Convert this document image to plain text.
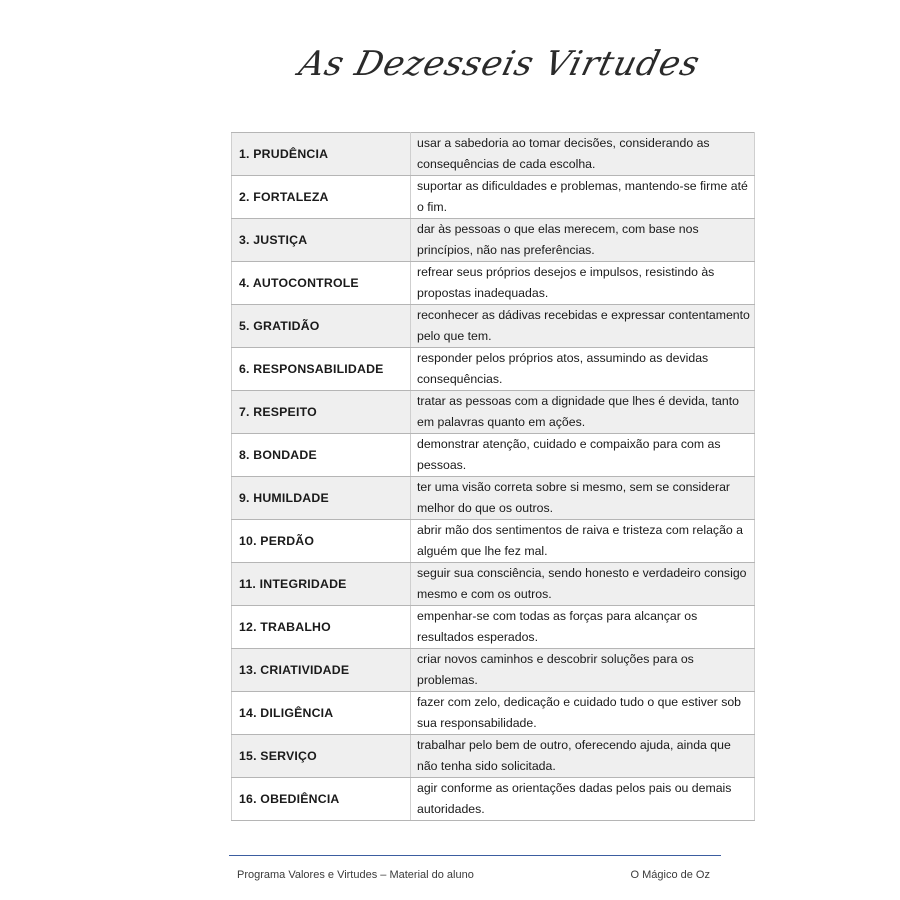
As Dezesseis Virtudes
1. PRUDÊNCIA	usar a sabedoria ao tomar decisões, considerando as consequências de cada escolha.
2. FORTALEZA	suportar as dificuldades e problemas, mantendo-se firme até o fim.
3. JUSTIÇA	dar às pessoas o que elas merecem, com base nos princípios, não nas preferências.
4. AUTOCONTROLE	refrear seus próprios desejos e impulsos, resistindo às propostas inadequadas.
5. GRATIDÃO	reconhecer as dádivas recebidas e expressar contentamento pelo que tem.
6. RESPONSABILIDADE	responder pelos próprios atos, assumindo as devidas consequências.
7. RESPEITO	tratar as pessoas com a dignidade que lhes é devida, tanto em palavras quanto em ações.
8. BONDADE	demonstrar atenção, cuidado e compaixão para com as pessoas.
9. HUMILDADE	ter uma visão correta sobre si mesmo, sem se considerar melhor do que os outros.
10. PERDÃO	abrir mão dos sentimentos de raiva e tristeza com relação a alguém que lhe fez mal.
11. INTEGRIDADE	seguir sua consciência, sendo honesto e verdadeiro consigo mesmo e com os outros.
12. TRABALHO	empenhar-se com todas as forças para alcançar os resultados esperados.
13. CRIATIVIDADE	criar novos caminhos e descobrir soluções para os problemas.
14. DILIGÊNCIA	fazer com zelo, dedicação e cuidado tudo o que estiver sob sua responsabilidade.
15. SERVIÇO	trabalhar pelo bem de outro, oferecendo ajuda, ainda que não tenha sido solicitada.
16. OBEDIÊNCIA	agir conforme as orientações dadas pelos pais ou demais autoridades.
Programa Valores e Virtudes – Material do aluno	O Mágico de Oz
